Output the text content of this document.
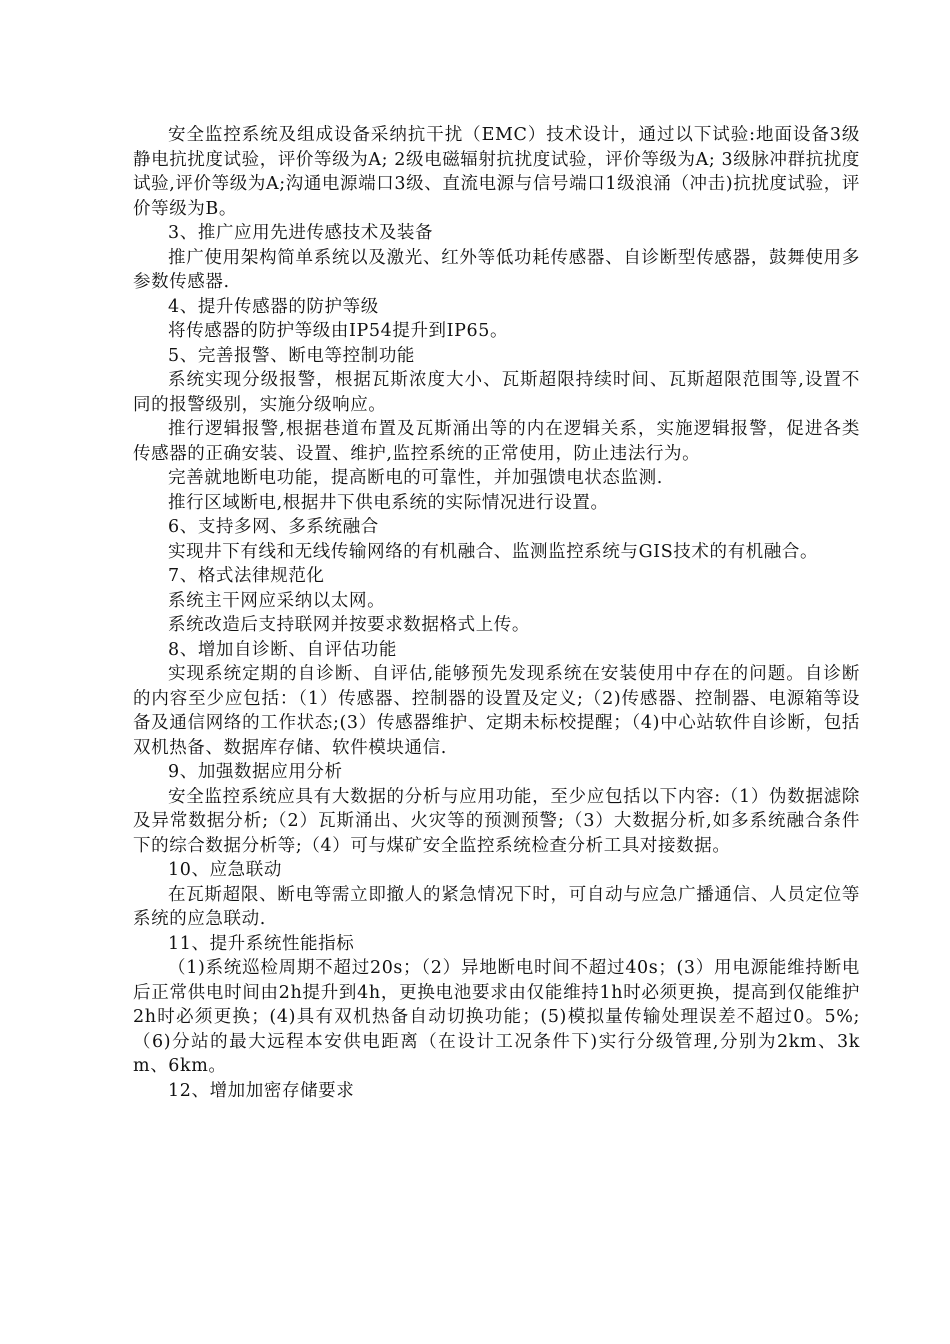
安全监控系统及组成设备采纳抗干扰（EMC）技术设计，通过以下试验:地面设备3级静电抗扰度试验，评价等级为A; 2级电磁辐射抗扰度试验，评价等级为A; 3级脉冲群抗扰度试验,评价等级为A;沟通电源端口3级、直流电源与信号端口1级浪涌（冲击)抗扰度试验，评价等级为B。

3、推广应用先进传感技术及装备

推广使用架构简单系统以及激光、红外等低功耗传感器、自诊断型传感器，鼓舞使用多参数传感器.

4、提升传感器的防护等级

将传感器的防护等级由IP54提升到IP65。

5、完善报警、断电等控制功能

系统实现分级报警，根据瓦斯浓度大小、瓦斯超限持续时间、瓦斯超限范围等,设置不同的报警级别，实施分级响应。

推行逻辑报警,根据巷道布置及瓦斯涌出等的内在逻辑关系，实施逻辑报警，促进各类传感器的正确安装、设置、维护,监控系统的正常使用，防止违法行为。

完善就地断电功能，提高断电的可靠性，并加强馈电状态监测.

推行区域断电,根据井下供电系统的实际情况进行设置。

6、支持多网、多系统融合

实现井下有线和无线传输网络的有机融合、监测监控系统与GIS技术的有机融合。

7、格式法律规范化

系统主干网应采纳以太网。

系统改造后支持联网并按要求数据格式上传。

8、增加自诊断、自评估功能

实现系统定期的自诊断、自评估,能够预先发现系统在安装使用中存在的问题。自诊断的内容至少应包括：（1）传感器、控制器的设置及定义;（2)传感器、控制器、电源箱等设备及通信网络的工作状态;(3）传感器维护、定期未标校提醒；（4)中心站软件自诊断，包括双机热备、数据库存储、软件模块通信.

9、加强数据应用分析

安全监控系统应具有大数据的分析与应用功能，至少应包括以下内容:（1）伪数据滤除及异常数据分析;（2）瓦斯涌出、火灾等的预测预警;（3）大数据分析,如多系统融合条件下的综合数据分析等;（4）可与煤矿安全监控系统检查分析工具对接数据。

10、应急联动

在瓦斯超限、断电等需立即撤人的紧急情况下时，可自动与应急广播通信、人员定位等系统的应急联动.

11、提升系统性能指标

（1)系统巡检周期不超过20s；（2）异地断电时间不超过40s；(3）用电源能维持断电后正常供电时间由2h提升到4h，更换电池要求由仅能维持1h时必须更换，提高到仅能维护2h时必须更换；(4)具有双机热备自动切换功能；(5)模拟量传输处理误差不超过0。5%;（6)分站的最大远程本安供电距离（在设计工况条件下)实行分级管理,分别为2km、3km、6km。

12、增加加密存储要求
